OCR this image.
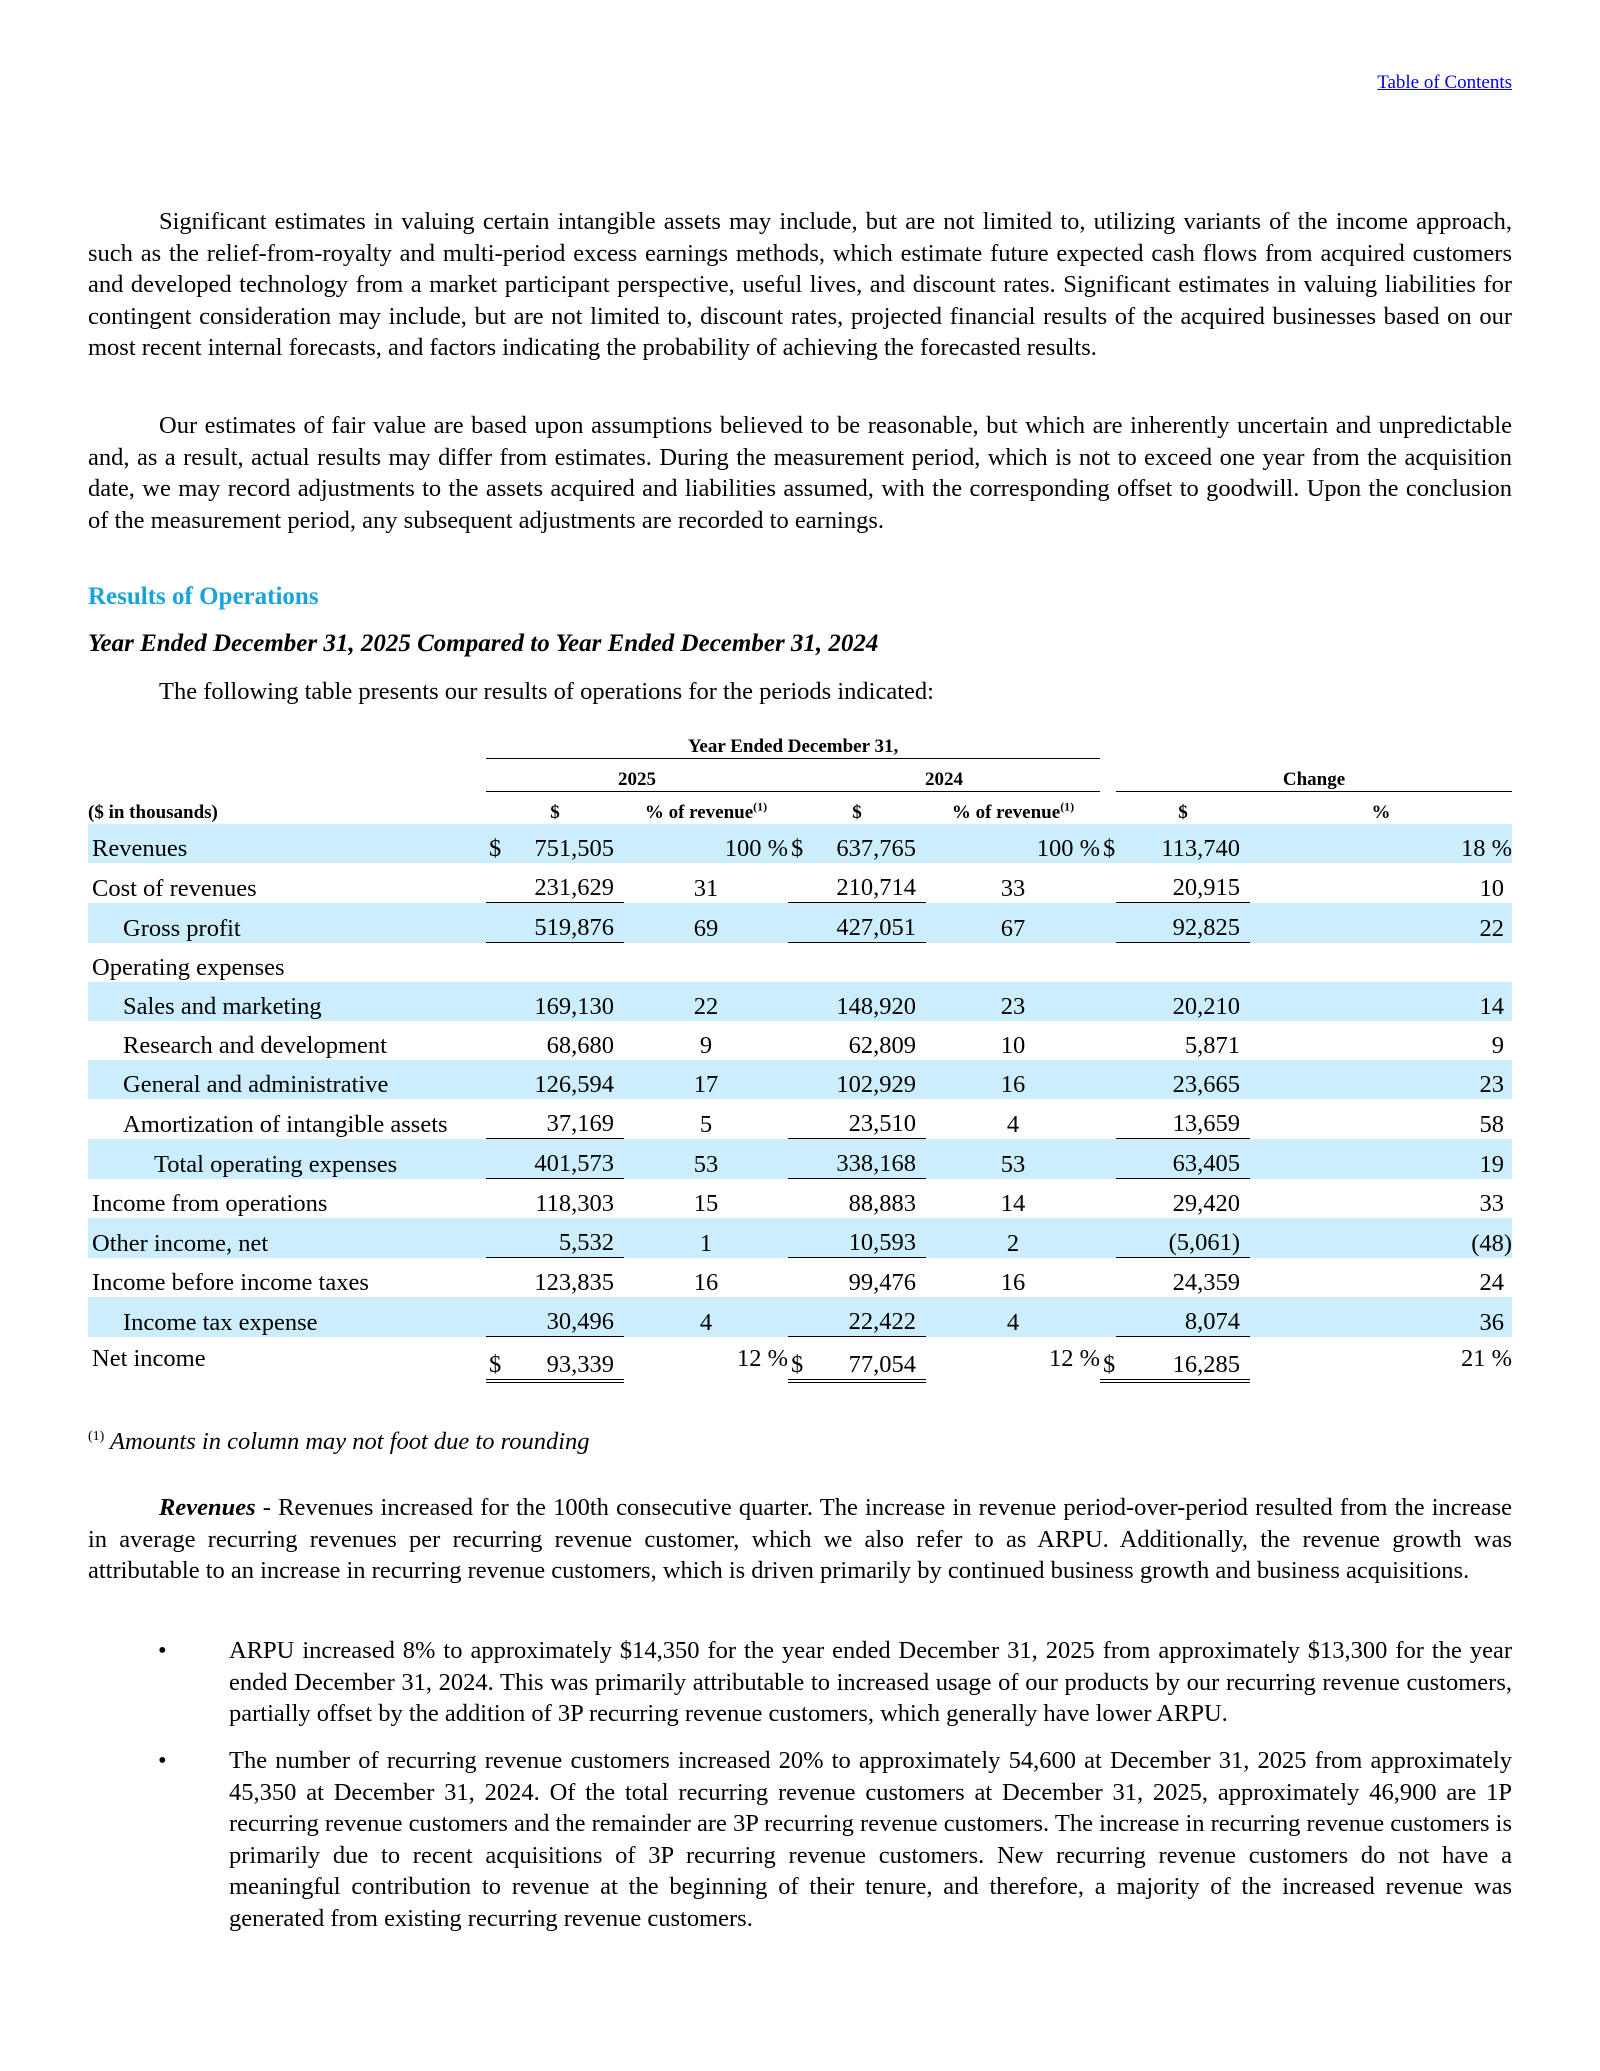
Table of Contents

Significant estimates in valuing certain intangible assets may include, but are not limited to, utilizing variants of the income approach, such as the relief-from-royalty and multi-period excess earnings methods, which estimate future expected cash flows from acquired customers and developed technology from a market participant perspective, useful lives, and discount rates. Significant estimates in valuing liabilities for contingent consideration may include, but are not limited to, discount rates, projected financial results of the acquired businesses based on our most recent internal forecasts, and factors indicating the probability of achieving the forecasted results.

Our estimates of fair value are based upon assumptions believed to be reasonable, but which are inherently uncertain and unpredictable and, as a result, actual results may differ from estimates. During the measurement period, which is not to exceed one year from the acquisition date, we may record adjustments to the assets acquired and liabilities assumed, with the corresponding offset to goodwill. Upon the conclusion of the measurement period, any subsequent adjustments are recorded to earnings.

Results of Operations
Year Ended December 31, 2025 Compared to Year Ended December 31, 2024

The following table presents our results of operations for the periods indicated:

	Year Ended December 31,								
	2025			2024				Change	
($ in thousands)	$		% of revenue$^{(1)}$	$		% of revenue$^{(1)}$		$	%
Revenues	$	751,505	100 %	$	637,765	100 %	$	113,740	18 %
Cost of revenues		231,629	31		210,714	33		20,915	10
Gross profit		519,876	69		427,051	67		92,825	22
Operating expenses									
Sales and marketing		169,130	22		148,920	23		20,210	14
Research and development		68,680	9		62,809	10		5,871	9
General and administrative		126,594	17		102,929	16		23,665	23
Amortization of intangible assets		37,169	5		23,510	4		13,659	58
Total operating expenses		401,573	53		338,168	53		63,405	19
Income from operations		118,303	15		88,883	14		29,420	33
Other income, net		5,532	1		10,593	2		(5,061)	(48)
Income before income taxes		123,835	16		99,476	16		24,359	24
Income tax expense		30,496	4		22,422	4		8,074	36
Net income	$	93,339	12 %	$	77,054	12 %	$	16,285	21 %

$^{(1)}$ Amounts in column may not foot due to rounding

Revenues - Revenues increased for the 100th consecutive quarter. The increase in revenue period-over-period resulted from the increase in average recurring revenues per recurring revenue customer, which we also refer to as ARPU. Additionally, the revenue growth was attributable to an increase in recurring revenue customers, which is driven primarily by continued business growth and business acquisitions.

•	ARPU increased 8% to approximately $14,350 for the year ended December 31, 2025 from approximately $13,300 for the year ended December 31, 2024. This was primarily attributable to increased usage of our products by our recurring revenue customers, partially offset by the addition of 3P recurring revenue customers, which generally have lower ARPU.
•	The number of recurring revenue customers increased 20% to approximately 54,600 at December 31, 2025 from approximately 45,350 at December 31, 2024. Of the total recurring revenue customers at December 31, 2025, approximately 46,900 are 1P recurring revenue customers and the remainder are 3P recurring revenue customers. The increase in recurring revenue customers is primarily due to recent acquisitions of 3P recurring revenue customers. New recurring revenue customers do not have a meaningful contribution to revenue at the beginning of their tenure, and therefore, a majority of the increased revenue was generated from existing recurring revenue customers.
